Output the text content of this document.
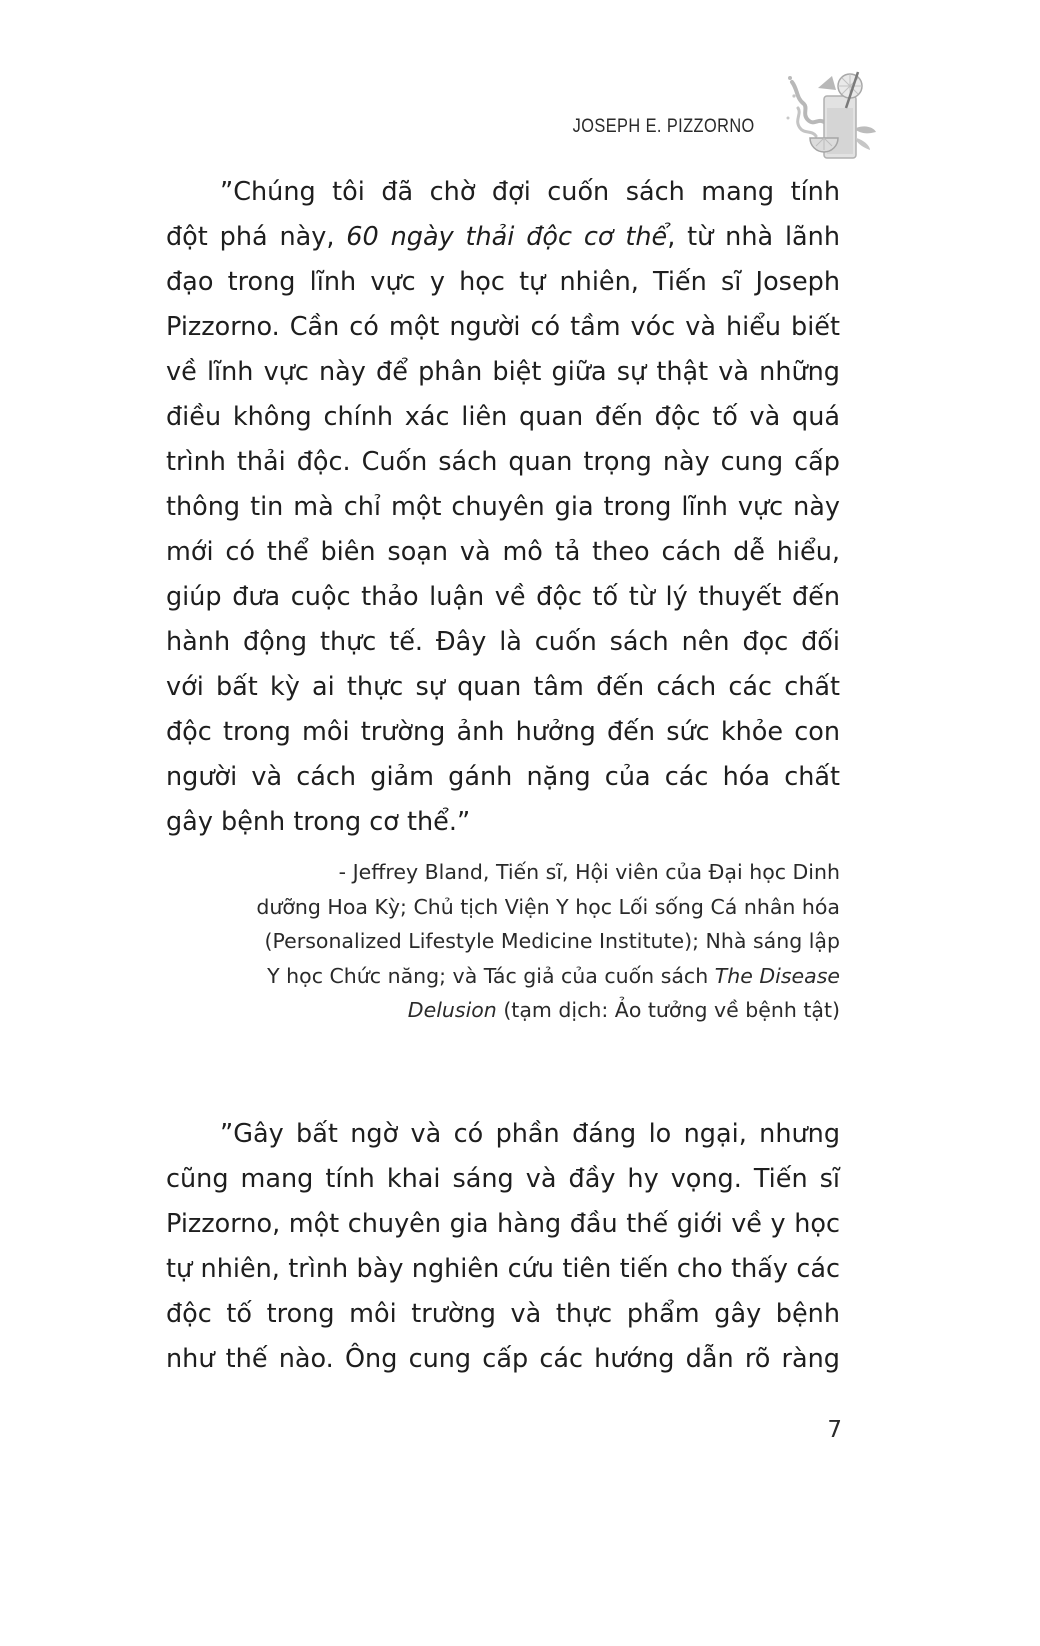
JOSEPH E. PIZZORNO
”Chúng tôi đã chờ đợi cuốn sách mang tính
đột phá này, 60 ngày thải độc cơ thể, từ nhà lãnh
đạo trong lĩnh vực y học tự nhiên, Tiến sĩ Joseph
Pizzorno. Cần có một người có tầm vóc và hiểu biết
về lĩnh vực này để phân biệt giữa sự thật và những
điều không chính xác liên quan đến độc tố và quá
trình thải độc. Cuốn sách quan trọng này cung cấp
thông tin mà chỉ một chuyên gia trong lĩnh vực này
mới có thể biên soạn và mô tả theo cách dễ hiểu,
giúp đưa cuộc thảo luận về độc tố từ lý thuyết đến
hành động thực tế. Đây là cuốn sách nên đọc đối
với bất kỳ ai thực sự quan tâm đến cách các chất
độc trong môi trường ảnh hưởng đến sức khỏe con
người và cách giảm gánh nặng của các hóa chất
gây bệnh trong cơ thể.”
- Jeffrey Bland, Tiến sĩ, Hội viên của Đại học Dinh
dưỡng Hoa Kỳ; Chủ tịch Viện Y học Lối sống Cá nhân hóa
(Personalized Lifestyle Medicine Institute); Nhà sáng lập
Y học Chức năng; và Tác giả của cuốn sách The Disease
Delusion (tạm dịch: Ảo tưởng về bệnh tật)
”Gây bất ngờ và có phần đáng lo ngại, nhưng
cũng mang tính khai sáng và đầy hy vọng. Tiến sĩ
Pizzorno, một chuyên gia hàng đầu thế giới về y học
tự nhiên, trình bày nghiên cứu tiên tiến cho thấy các
độc tố trong môi trường và thực phẩm gây bệnh
như thế nào. Ông cung cấp các hướng dẫn rõ ràng
7
